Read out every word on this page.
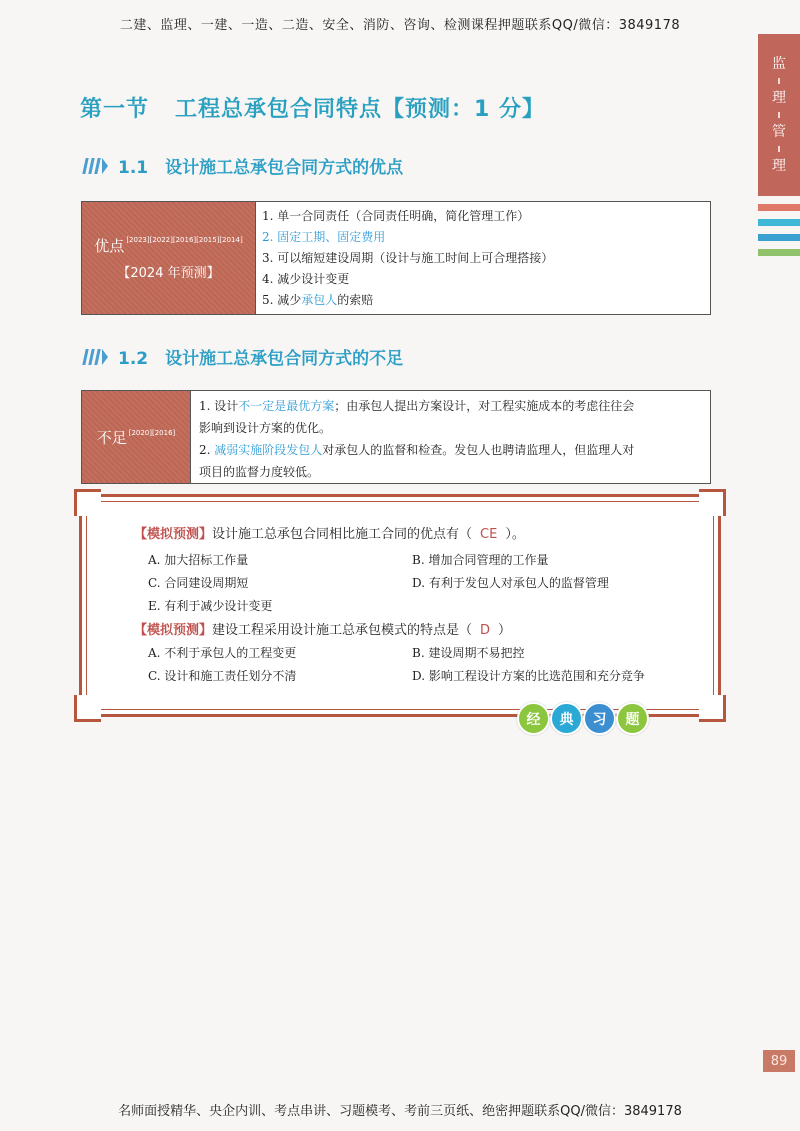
二建、监理、一建、一造、二造、安全、消防、咨询、检测课程押题联系QQ/微信：3849178
监
理
管
理
第一节 工程总承包合同特点【预测：1 分】
1.1　设计施工总承包合同方式的优点
优点 [2023][2022][2016][2015][2014]
【2024 年预测】
1. 单一合同责任（合同责任明确，简化管理工作）
2. 固定工期、固定费用
3. 可以缩短建设周期（设计与施工时间上可合理搭接）
4. 减少设计变更
5. 减少承包人的索赔
1.2　设计施工总承包合同方式的不足
不足 [2020][2016]
1. 设计不一定是最优方案；由承包人提出方案设计，对工程实施成本的考虑往往会
影响到设计方案的优化。
2. 减弱实施阶段发包人对承包人的监督和检查。发包人也聘请监理人，但监理人对
项目的监督力度较低。
【模拟预测】设计施工总承包合同相比施工合同的优点有（ CE ）。
A. 加大招标工作量	B. 增加合同管理的工作量
C. 合同建设周期短	D. 有利于发包人对承包人的监督管理
E. 有利于减少设计变更
【模拟预测】建设工程采用设计施工总承包模式的特点是（ D ）
A. 不利于承包人的工程变更	B. 建设周期不易把控
C. 设计和施工责任划分不清	D. 影响工程设计方案的比选范围和充分竞争
经	典	习	题
89
名师面授精华、央企内训、考点串讲、习题模考、考前三页纸、绝密押题联系QQ/微信：3849178
